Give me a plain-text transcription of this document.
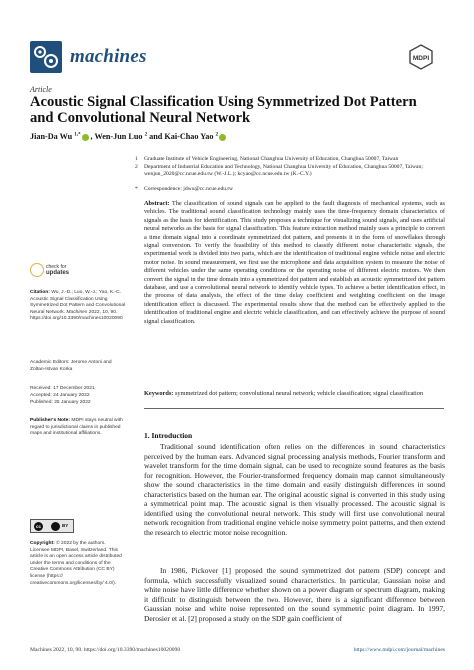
machines	MDPI
Article
Acoustic Signal Classification Using Symmetrized Dot Pattern and Convolutional Neural Network
Jian-Da Wu $^{1,*}$ , Wen-Jun Luo $^2$ and Kai-Chao Yao $^2$
1 Graduate Institute of Vehicle Engineering, National Changhua University of Education, Changhua 50007, Taiwan
2 Department of Industrial Education and Technology, National Changhua University of Education, Changhua 50007, Taiwan; wenjun_2020@cc.ncue.edu.tw (W.-J.L.); kcyao@cc.ncue.edu.tw (K.-C.Y.)
* Correspondence: jdwu@cc.ncue.edu.tw
Abstract: The classification of sound signals can be applied to the fault diagnosis of mechanical systems, such as vehicles. The traditional sound classification technology mainly uses the time-frequency domain characteristics of signals as the basis for identification. This study proposes a technique for visualizing sound signals, and uses artificial neural networks as the basis for signal classification. This feature extraction method mainly uses a principle to convert a time domain signal into a coordinate symmetrized dot pattern, and presents it in the form of snowflakes through signal conversion. To verify the feasibility of this method to classify different noise characteristic signals, the experimental work is divided into two parts, which are the identification of traditional engine vehicle noise and electric motor noise. In sound measurement, we first use the microphone and data acquisition system to measure the noise of different vehicles under the same operating conditions or the operating noise of different electric motors. We then convert the signal in the time domain into a symmetrized dot pattern and establish an acoustic symmetrized dot pattern database, and use a convolutional neural network to identify vehicle types. To achieve a better identification effect, in the process of data analysis, the effect of the time delay coefficient and weighting coefficient on the image identification effect is discussed. The experimental results show that the method can be effectively applied to the identification of traditional engine and electric vehicle classification, and can effectively achieve the purpose of sound signal classification.
Keywords: symmetrized dot pattern; convolutional neural network; vehicle classification; signal classification
check for
updates
Citation: Wu, J.-D.; Luo, W.-J.; Yao, K.-C. Acoustic Signal Classification Using Symmetrized Dot Pattern and Convolutional Neural Network. Machines 2022, 10, 90. https://doi.org/10.3390/machines10020090
Academic Editors: Jerome Antoni and Zoltan-Istvan Korka
Received: 17 December 2021
Accepted: 24 January 2022
Published: 25 January 2022
Publisher's Note: MDPI stays neutral with regard to jurisdictional claims in published maps and institutional affiliations.
cc	BY
Copyright: © 2022 by the authors. Licensee MDPI, Basel, Switzerland. This article is an open access article distributed under the terms and conditions of the Creative Commons Attribution (CC BY) license (https:// creativecommons.org/licenses/by/ 4.0/).
1. Introduction
Traditional sound identification often relies on the differences in sound characteristics perceived by the human ears. Advanced signal processing analysis methods, Fourier transform and wavelet transform for the time domain signal, can be used to recognize sound features as the basis for recognition. However, the Fourier-transformed frequency domain map cannot simultaneously show the sound characteristics in the time domain and easily distinguish differences in sound characteristics based on the human ear. The original acoustic signal is converted in this study using a symmetrical point map. The acoustic signal is then visually processed. The acoustic signal is identified using the convolutional neural network. This study will first use convolutional neural network recognition from traditional engine vehicle noise symmetry point patterns, and then extend the research to electric motor noise recognition.
In 1986, Pickover [1] proposed the sound symmetrized dot pattern (SDP) concept and formula, which successfully visualized sound characteristics. In particular, Gaussian noise and white noise have little difference whether shown on a power diagram or spectrum diagram, making it difficult to distinguish between the two. However, there is a significant difference between Gaussian noise and white noise represented on the sound symmetric point diagram. In 1997, Derosier et al. [2] proposed a study on the SDP gain coefficient of
Machines 2022, 10, 90. https://doi.org/10.3390/machines10020090	https://www.mdpi.com/journal/machines
